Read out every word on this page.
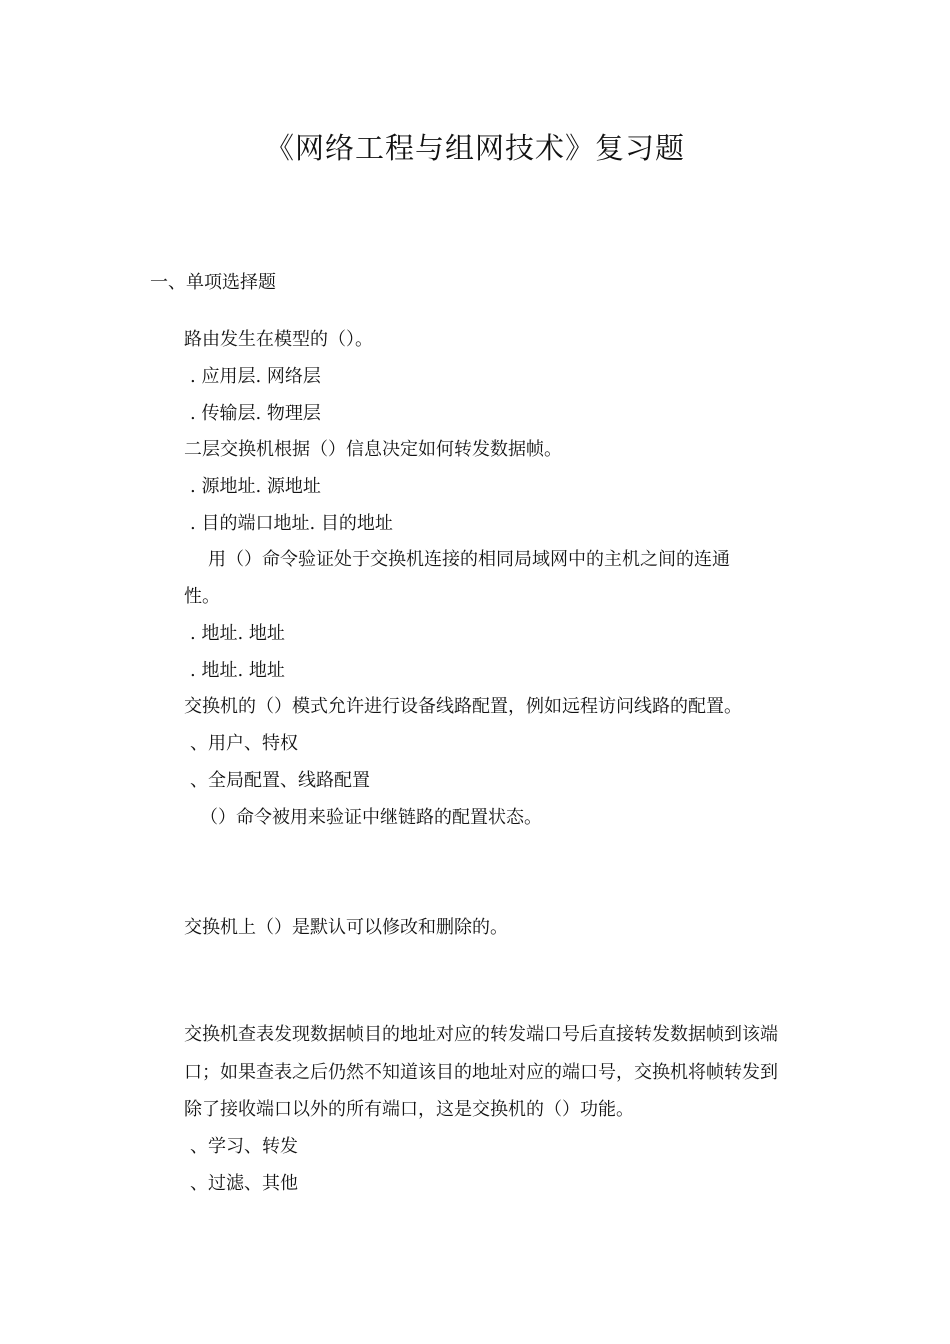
《网络工程与组网技术》复习题
一、单项选择题
路由发生在模型的（）。
. 应用层. 网络层
. 传输层. 物理层
二层交换机根据（）信息决定如何转发数据帧。
. 源地址. 源地址
. 目的端口地址. 目的地址
用（）命令验证处于交换机连接的相同局域网中的主机之间的连通
性。
. 地址. 地址
. 地址. 地址
交换机的（）模式允许进行设备线路配置，例如远程访问线路的配置。
、用户、特权
、全局配置、线路配置
（）命令被用来验证中继链路的配置状态。
交换机上（）是默认可以修改和删除的。
交换机查表发现数据帧目的地址对应的转发端口号后直接转发数据帧到该端
口；如果查表之后仍然不知道该目的地址对应的端口号，交换机将帧转发到
除了接收端口以外的所有端口，这是交换机的（）功能。
、学习、转发
、过滤、其他
